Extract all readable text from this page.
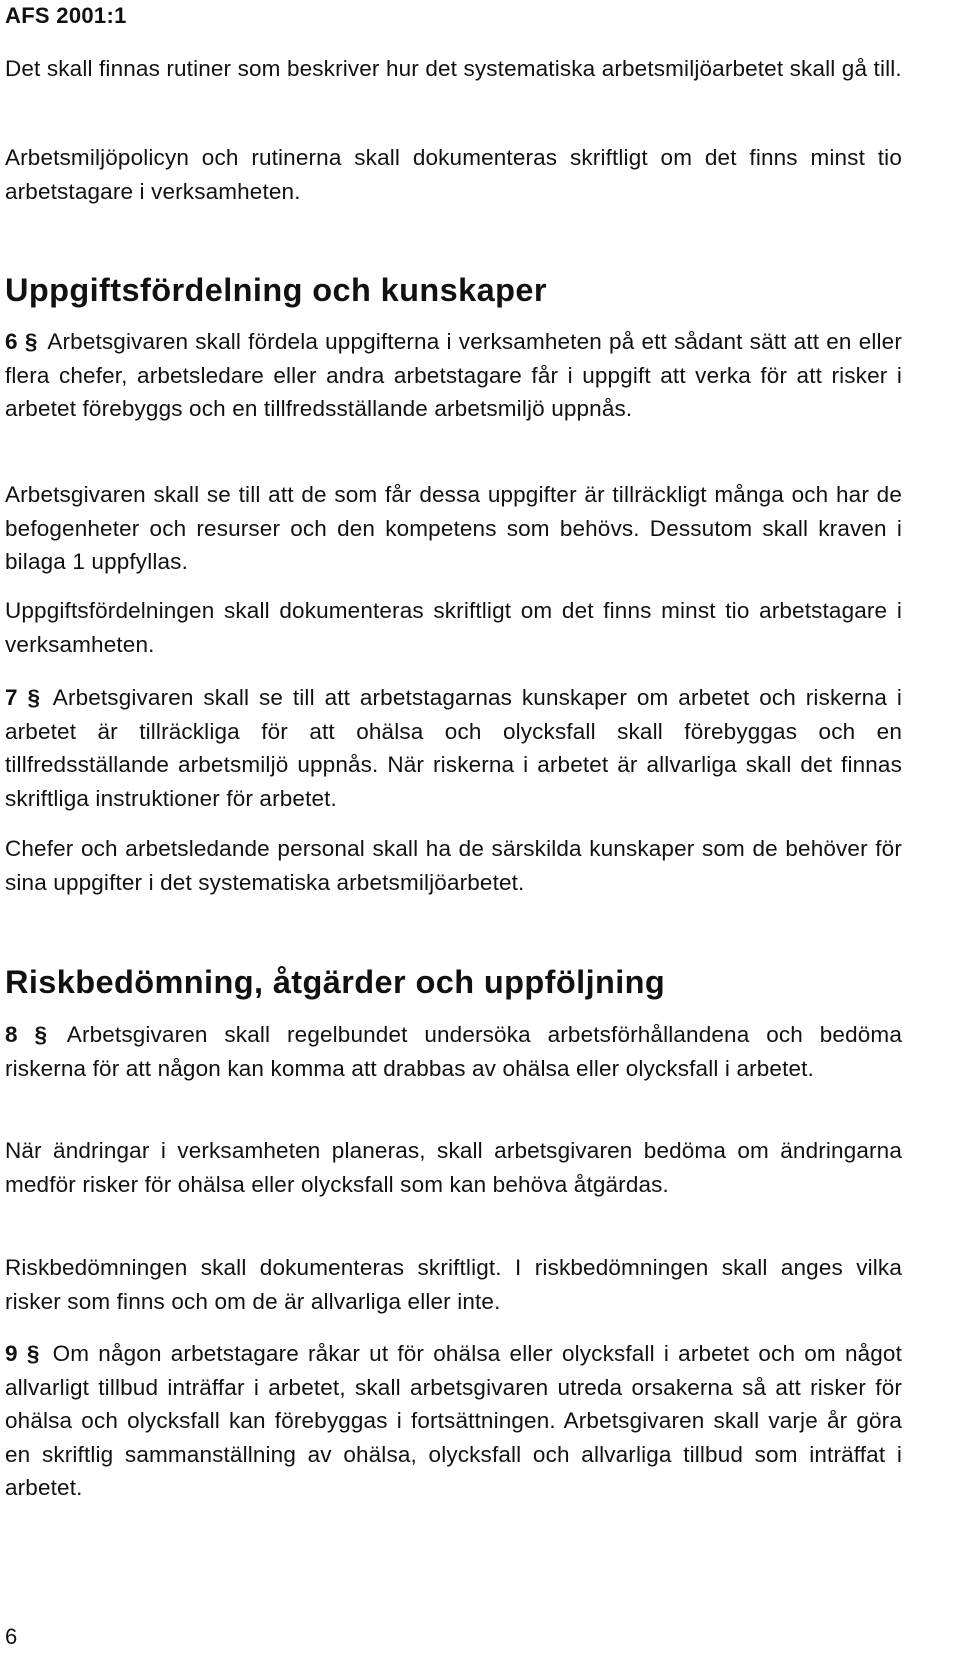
AFS 2001:1
Det skall finnas rutiner som beskriver hur det systematiska arbetsmiljöarbetet skall gå till.
Arbetsmiljöpolicyn och rutinerna skall dokumenteras skriftligt om det finns minst tio arbetstagare i verksamheten.
Uppgiftsfördelning och kunskaper
6 § Arbetsgivaren skall fördela uppgifterna i verksamheten på ett sådant sätt att en eller flera chefer, arbetsledare eller andra arbetstagare får i uppgift att verka för att risker i arbetet förebyggs och en tillfredsställande arbetsmiljö uppnås.
Arbetsgivaren skall se till att de som får dessa uppgifter är tillräckligt många och har de befogenheter och resurser och den kompetens som behövs. Dessutom skall kraven i bilaga 1 uppfyllas.
Uppgiftsfördelningen skall dokumenteras skriftligt om det finns minst tio arbetstagare i verksamheten.
7 § Arbetsgivaren skall se till att arbetstagarnas kunskaper om arbetet och riskerna i arbetet är tillräckliga för att ohälsa och olycksfall skall förebyggas och en tillfredsställande arbetsmiljö uppnås. När riskerna i arbetet är allvarliga skall det finnas skriftliga instruktioner för arbetet.
Chefer och arbetsledande personal skall ha de särskilda kunskaper som de behöver för sina uppgifter i det systematiska arbetsmiljöarbetet.
Riskbedömning, åtgärder och uppföljning
8 § Arbetsgivaren skall regelbundet undersöka arbetsförhållandena och bedöma riskerna för att någon kan komma att drabbas av ohälsa eller olycksfall i arbetet.
När ändringar i verksamheten planeras, skall arbetsgivaren bedöma om ändringarna medför risker för ohälsa eller olycksfall som kan behöva åtgärdas.
Riskbedömningen skall dokumenteras skriftligt. I riskbedömningen skall anges vilka risker som finns och om de är allvarliga eller inte.
9 § Om någon arbetstagare råkar ut för ohälsa eller olycksfall i arbetet och om något allvarligt tillbud inträffar i arbetet, skall arbetsgivaren utreda orsakerna så att risker för ohälsa och olycksfall kan förebyggas i fortsättningen. Arbetsgivaren skall varje år göra en skriftlig sammanställning av ohälsa, olycksfall och allvarliga tillbud som inträffat i arbetet.
6
